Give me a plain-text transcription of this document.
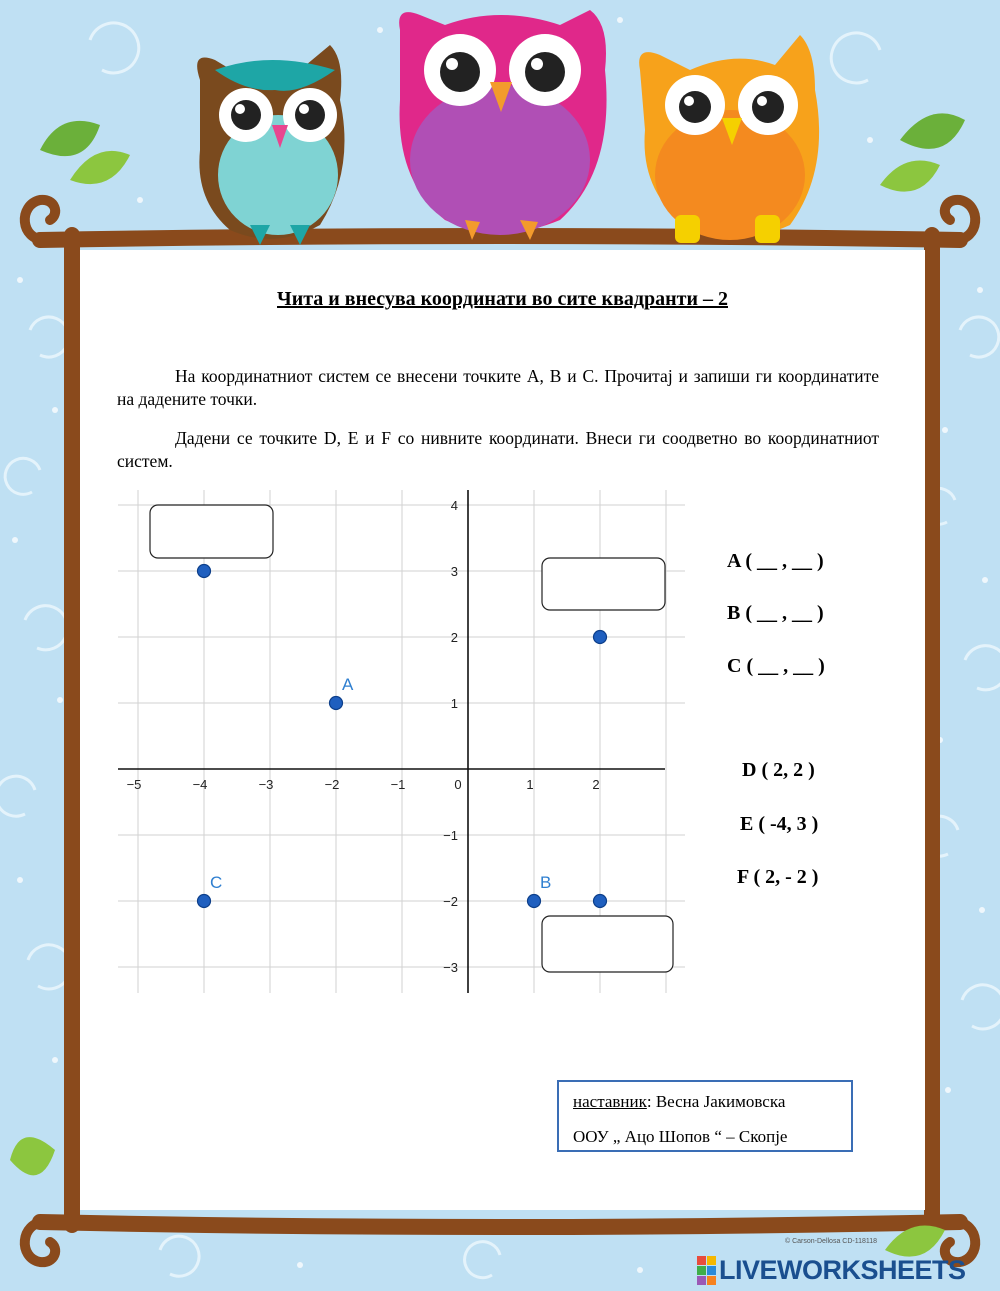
Чита и внесува координати во сите квадранти – 2
На координатниот систем се внесени точките А, В и С. Прочитај и запиши ги координатите на дадените точки.
Дадени се точките D, E и F со нивните координати. Внеси ги соодветно во координатниот систем.
−5	−4	−3	−2	−1	0	1	2
−3
−2
−1
1
2
3
4
A
B
C
A ( __ , __ )
B ( __ , __ )
C ( __ , __ )
D ( 2, 2 )
E ( -4, 3 )
F ( 2, - 2 )
наставник: Весна Јакимовска
ООУ „ Ацо Шопов “ – Скопје
© Carson-Dellosa CD-118118
LIVEWORKSHEETS
